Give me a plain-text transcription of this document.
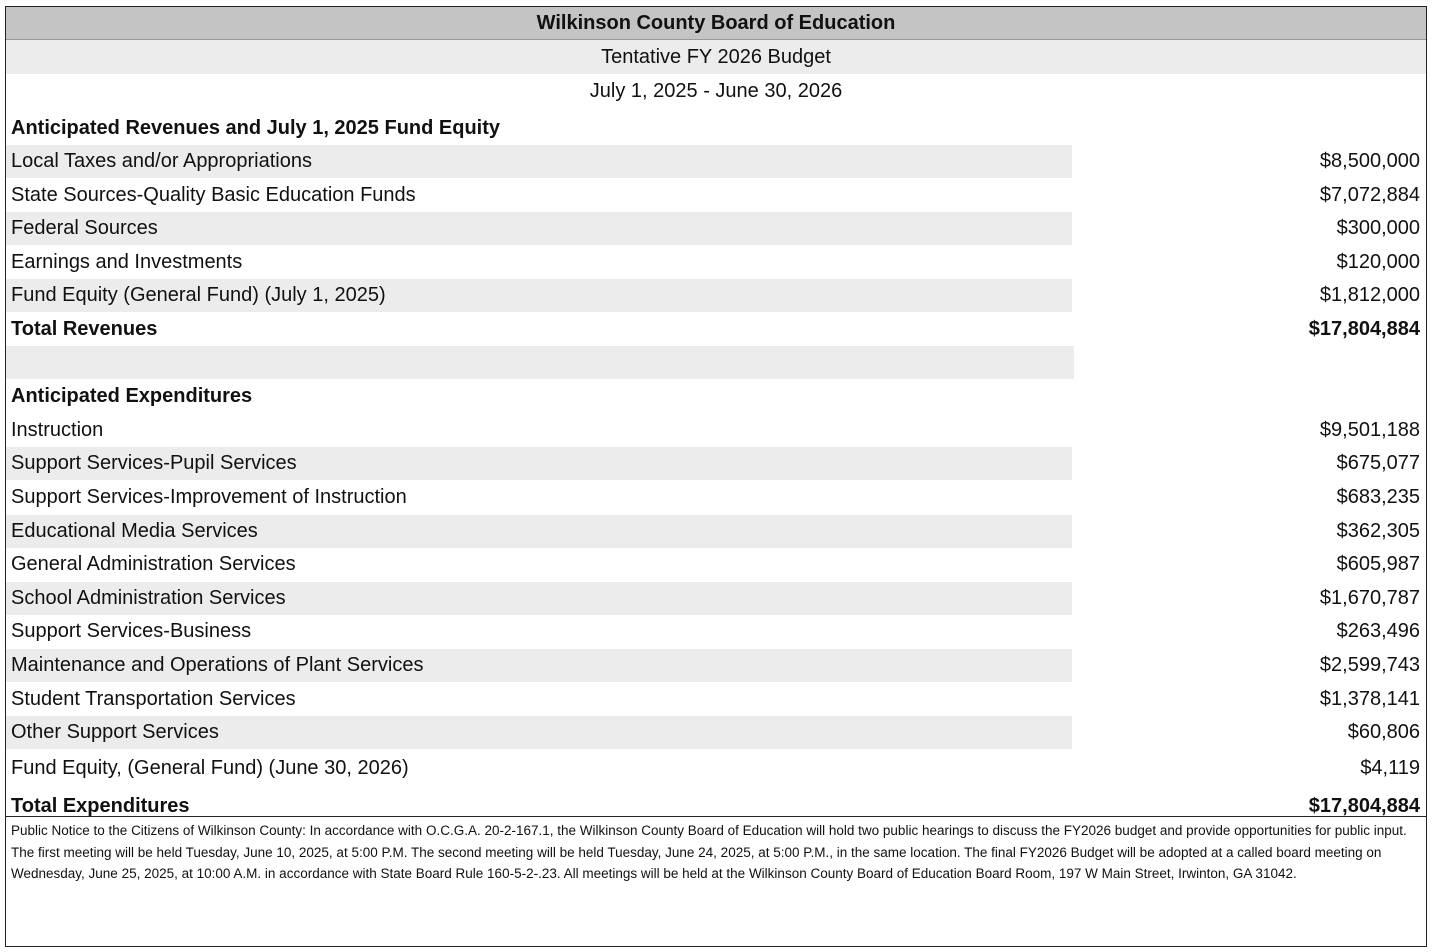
Wilkinson County Board of Education
Tentative FY 2026 Budget
July 1, 2025 - June 30, 2026
Anticipated Revenues and July 1, 2025 Fund Equity
Local Taxes and/or Appropriations	$8,500,000
State Sources-Quality Basic Education Funds	$7,072,884
Federal Sources	$300,000
Earnings and Investments	$120,000
Fund Equity (General Fund) (July 1, 2025)	$1,812,000
Total Revenues	$17,804,884
Anticipated Expenditures
Instruction	$9,501,188
Support Services-Pupil Services	$675,077
Support Services-Improvement of Instruction	$683,235
Educational Media Services	$362,305
General Administration Services	$605,987
School Administration Services	$1,670,787
Support Services-Business	$263,496
Maintenance and Operations of Plant Services	$2,599,743
Student Transportation Services	$1,378,141
Other Support Services	$60,806
Fund Equity, (General Fund) (June 30, 2026)	$4,119
Total Expenditures	$17,804,884
Public Notice to the Citizens of Wilkinson County: In accordance with O.C.G.A. 20-2-167.1, the Wilkinson County Board of Education will hold two public hearings to discuss the FY2026 budget and provide opportunities for public input. The first meeting will be held Tuesday, June 10, 2025, at 5:00 P.M. The second meeting will be held Tuesday, June 24, 2025, at 5:00 P.M., in the same location. The final FY2026 Budget will be adopted at a called board meeting on Wednesday, June 25, 2025, at 10:00 A.M. in accordance with State Board Rule 160-5-2-.23. All meetings will be held at the Wilkinson County Board of Education Board Room, 197 W Main Street, Irwinton, GA 31042.
